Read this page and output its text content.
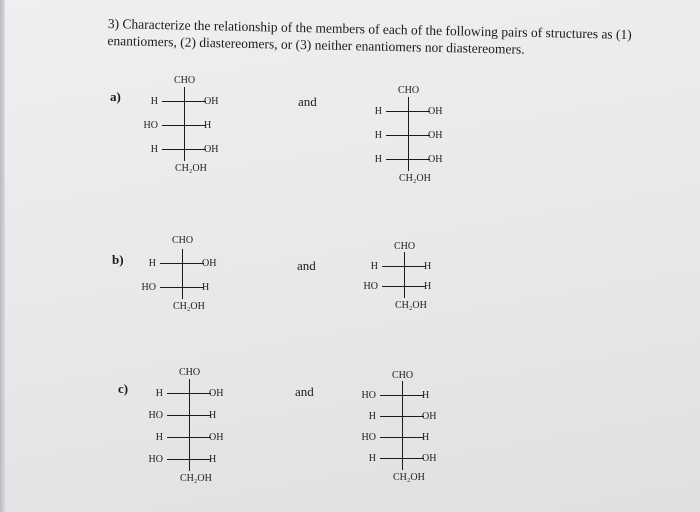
3) Characterize the relationship of the members of each of the following pairs of structures as (1) enantiomers, (2) diastereomers, or (3) neither enantiomers nor diastereomers.
a)	and
CHO
H	OH
HO	H
H	OH
CH₂OH
CHO
H	OH
H	OH
H	OH
CH₂OH
b)	and
CHO
H	OH
HO	H
CH₂OH
CHO
H	H
HO	H
CH₂OH
c)	and
CHO
H	OH
HO	H
H	OH
HO	H
CH₂OH
CHO
HO	H
H	OH
HO	H
H	OH
CH₂OH
